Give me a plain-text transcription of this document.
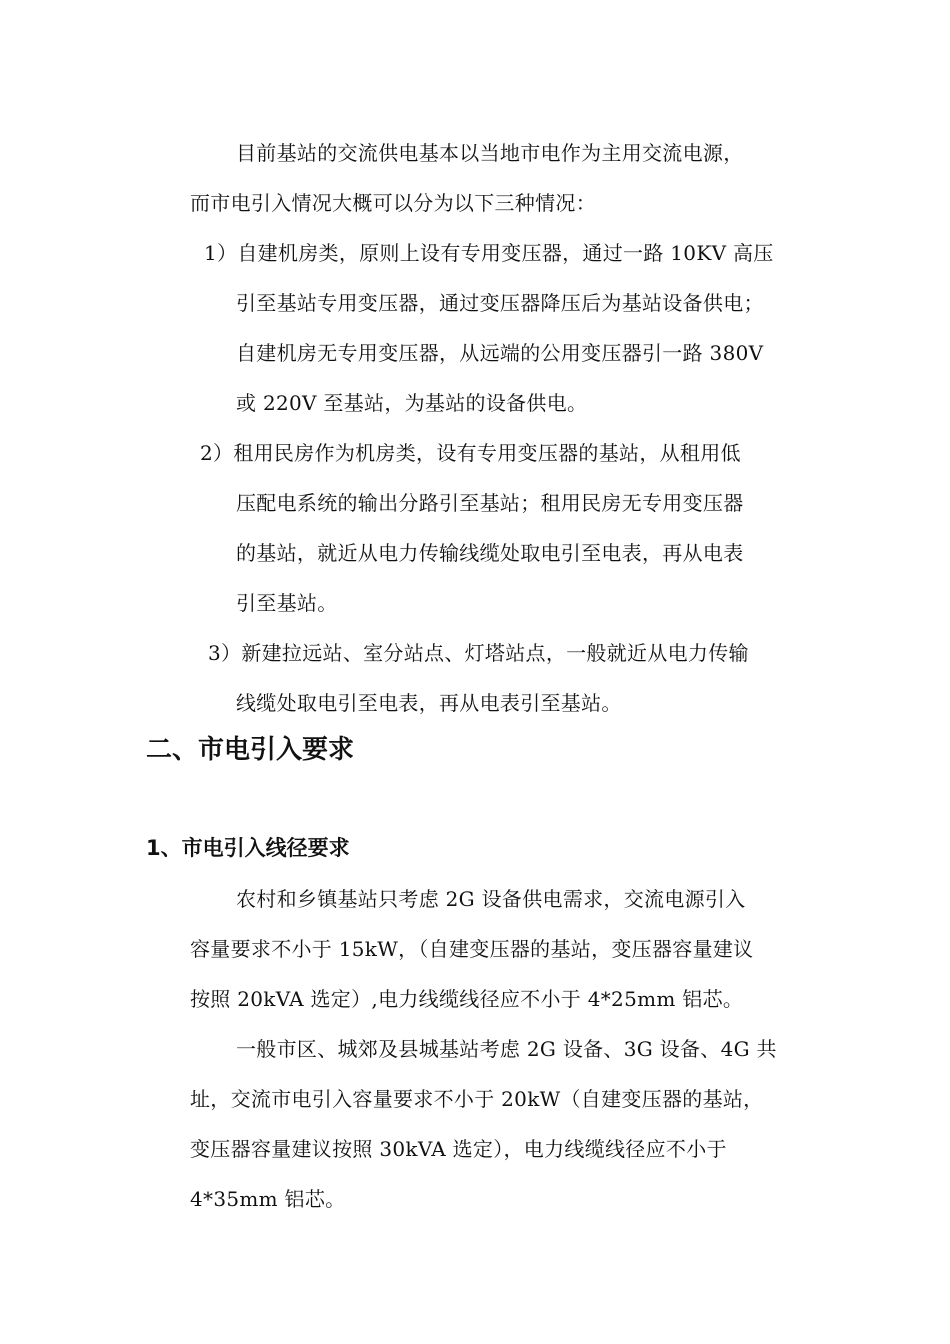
目前基站的交流供电基本以当地市电作为主用交流电源，
而市电引入情况大概可以分为以下三种情况：
1）自建机房类，原则上设有专用变压器，通过一路 10KV 高压
引至基站专用变压器，通过变压器降压后为基站设备供电；
自建机房无专用变压器，从远端的公用变压器引一路 380V
或 220V 至基站，为基站的设备供电。
2）租用民房作为机房类，设有专用变压器的基站，从租用低
压配电系统的输出分路引至基站；租用民房无专用变压器
的基站，就近从电力传输线缆处取电引至电表，再从电表
引至基站。
3）新建拉远站、室分站点、灯塔站点，一般就近从电力传输
线缆处取电引至电表，再从电表引至基站。
二、市电引入要求
1、市电引入线径要求
农村和乡镇基站只考虑 2G 设备供电需求，交流电源引入
容量要求不小于 15kW，（自建变压器的基站，变压器容量建议
按照 20kVA 选定）,电力线缆线径应不小于 4*25mm 铝芯。
一般市区、城郊及县城基站考虑 2G 设备、3G 设备、4G 共
址，交流市电引入容量要求不小于 20kW（自建变压器的基站，
变压器容量建议按照 30kVA 选定），电力线缆线径应不小于
4*35mm 铝芯。
